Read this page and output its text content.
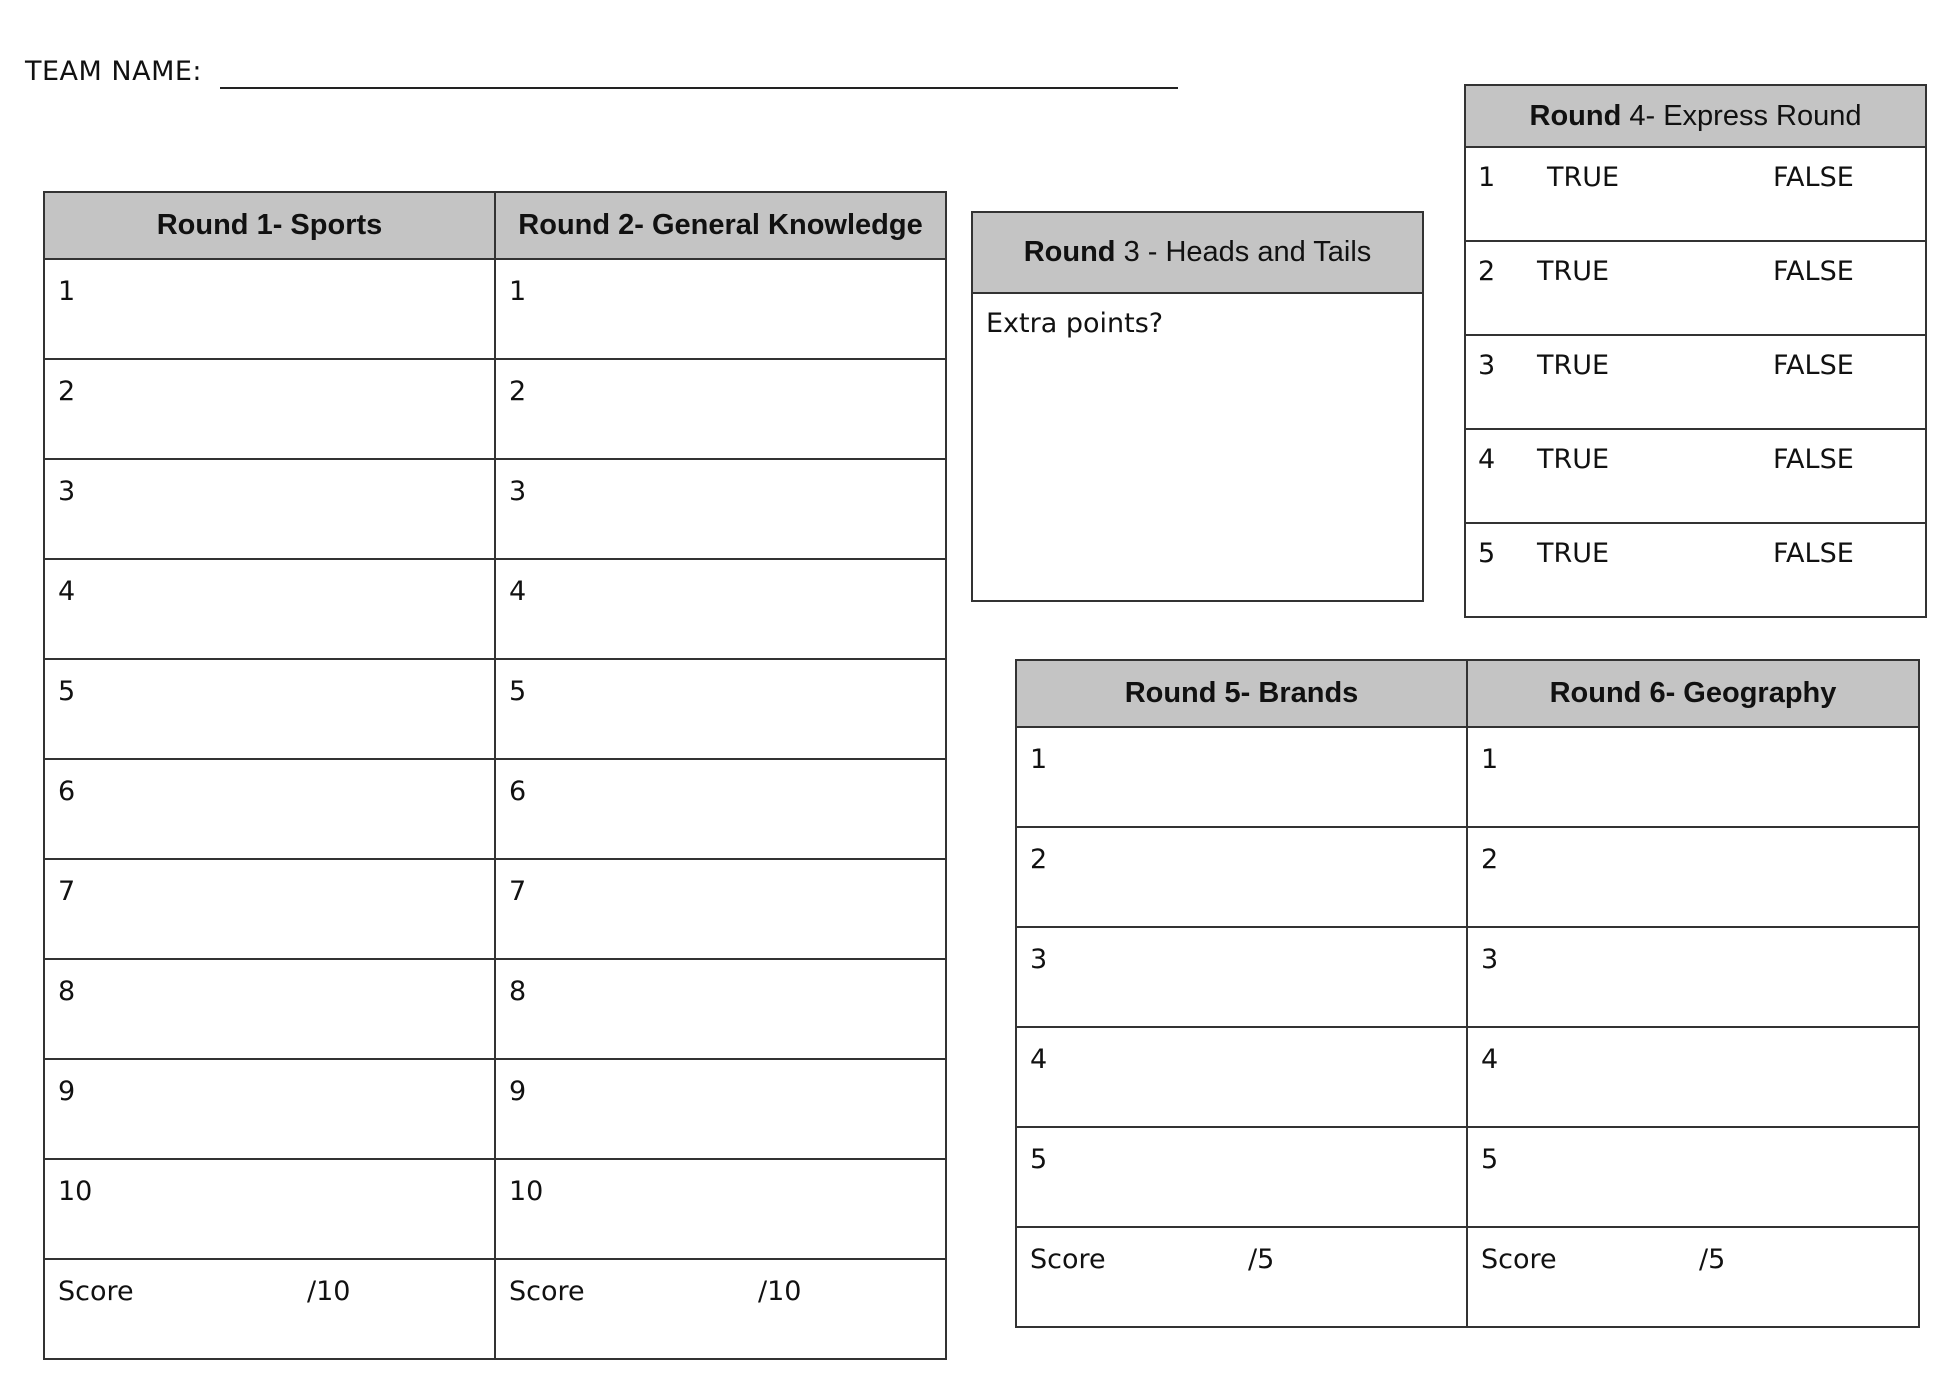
TEAM NAME:
Round 1- Sports	Round 2- General Knowledge

1	1

2	2

3	3

4	4

5	5

6	6

7	7

8	8

9	9

10	10

Score /10	Score /10
Round 3 - Heads and Tails

Extra points?
Round 4- Express Round

1 TRUE	FALSE

2 TRUE	FALSE

3 TRUE	FALSE

4 TRUE	FALSE

5 TRUE	FALSE
Round 5- Brands	Round 6- Geography

1	1

2	2

3	3

4	4

5	5

Score /5	Score /5
